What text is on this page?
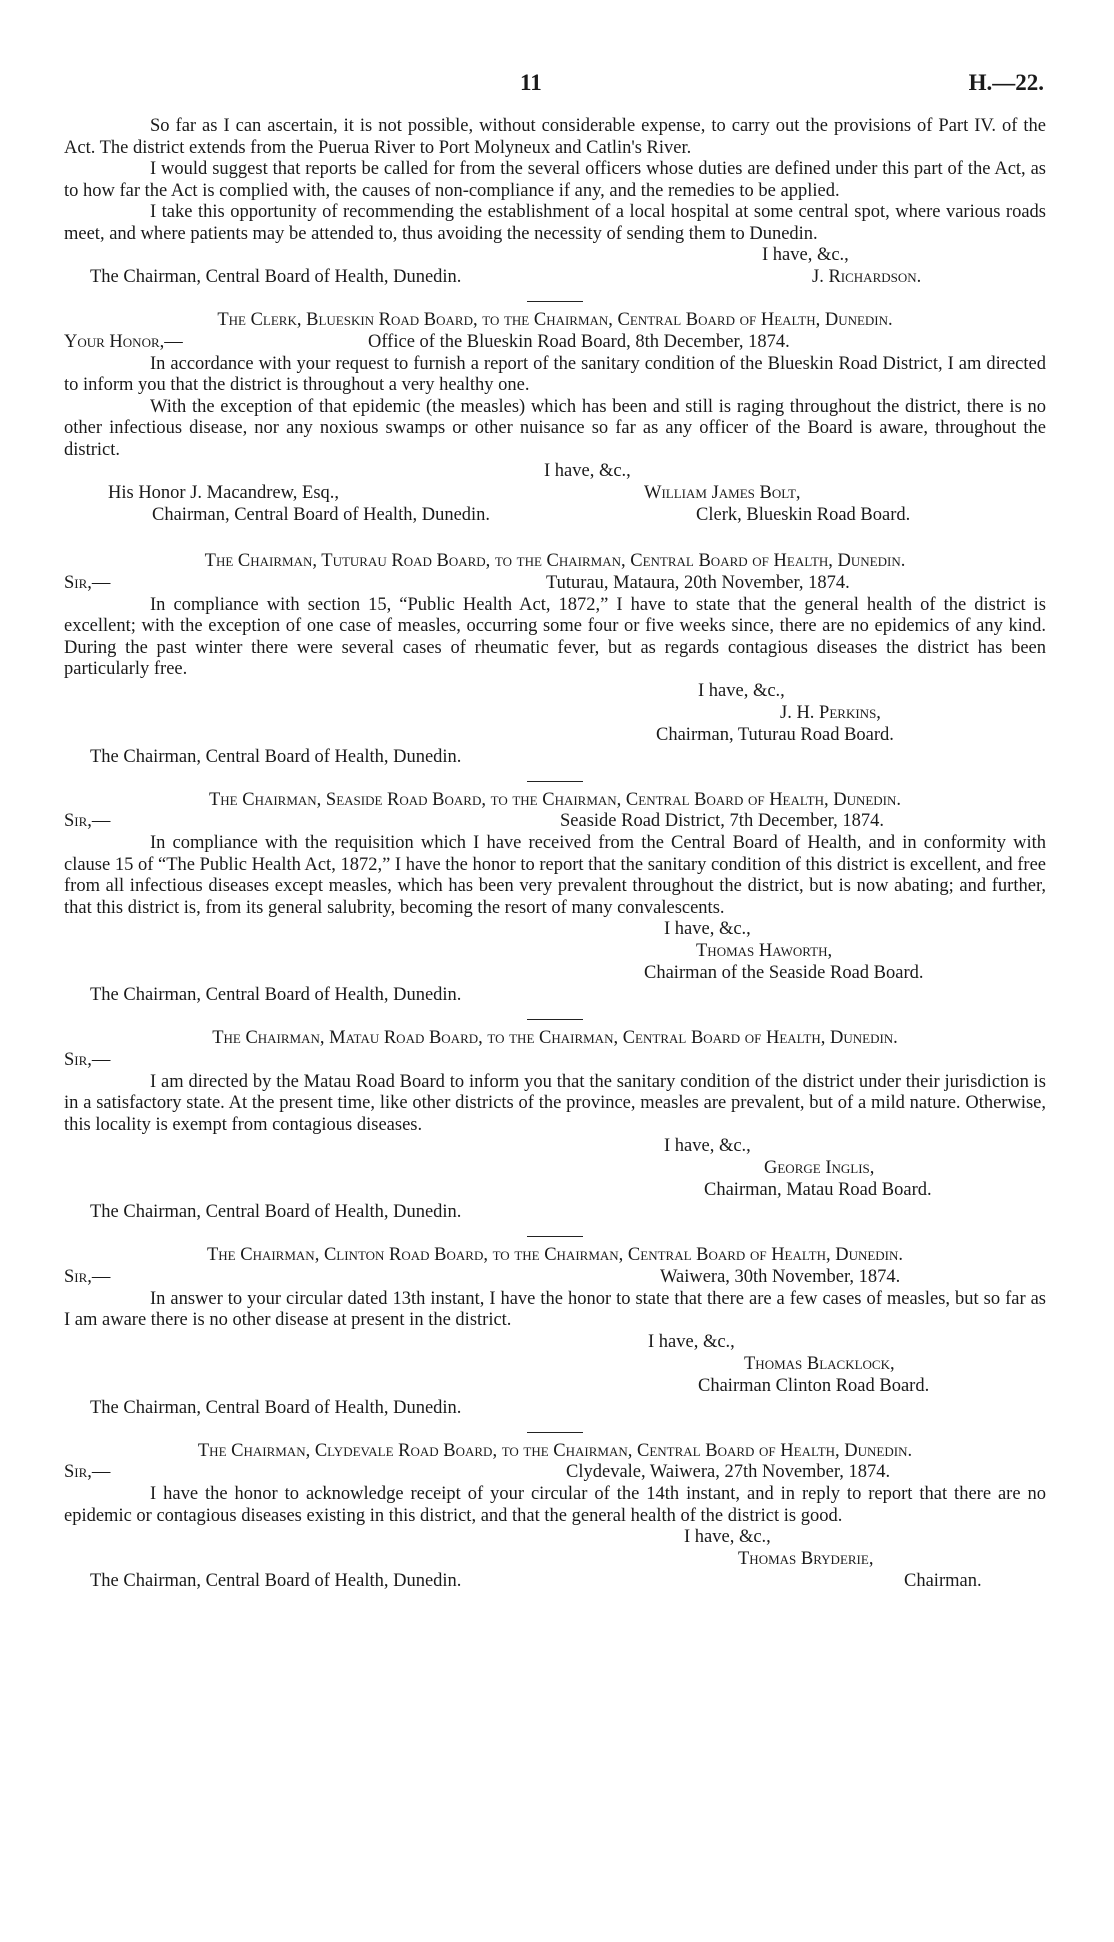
11	H.—22.

So far as I can ascertain, it is not possible, without considerable expense, to carry out the provisions of Part IV. of the Act. The district extends from the Puerua River to Port Molyneux and Catlin's River.

I would suggest that reports be called for from the several officers whose duties are defined under this part of the Act, as to how far the Act is complied with, the causes of non-compliance if any, and the remedies to be applied.

I take this opportunity of recommending the establishment of a local hospital at some central spot, where various roads meet, and where patients may be attended to, thus avoiding the necessity of sending them to Dunedin.

I have, &c.,
The Chairman, Central Board of Health, Dunedin.	J. Richardson.

The Clerk, Blueskin Road Board, to the Chairman, Central Board of Health, Dunedin.

Your Honor,—	Office of the Blueskin Road Board, 8th December, 1874.

In accordance with your request to furnish a report of the sanitary condition of the Blueskin Road District, I am directed to inform you that the district is throughout a very healthy one.

With the exception of that epidemic (the measles) which has been and still is raging throughout the district, there is no other infectious disease, nor any noxious swamps or other nuisance so far as any officer of the Board is aware, throughout the district.

I have, &c.,
His Honor J. Macandrew, Esq.,	William James Bolt,
Chairman, Central Board of Health, Dunedin.	Clerk, Blueskin Road Board.

The Chairman, Tuturau Road Board, to the Chairman, Central Board of Health, Dunedin.

Sir,—	Tuturau, Mataura, 20th November, 1874.

In compliance with section 15, “Public Health Act, 1872,” I have to state that the general health of the district is excellent; with the exception of one case of measles, occurring some four or five weeks since, there are no epidemics of any kind. During the past winter there were several cases of rheumatic fever, but as regards contagious diseases the district has been particularly free.

I have, &c.,
J. H. Perkins,
Chairman, Tuturau Road Board.
The Chairman, Central Board of Health, Dunedin.

The Chairman, Seaside Road Board, to the Chairman, Central Board of Health, Dunedin.

Sir,—	Seaside Road District, 7th December, 1874.

In compliance with the requisition which I have received from the Central Board of Health, and in conformity with clause 15 of “The Public Health Act, 1872,” I have the honor to report that the sanitary condition of this district is excellent, and free from all infectious diseases except measles, which has been very prevalent throughout the district, but is now abating; and further, that this district is, from its general salubrity, becoming the resort of many convalescents.

I have, &c.,
Thomas Haworth,
Chairman of the Seaside Road Board.
The Chairman, Central Board of Health, Dunedin.

The Chairman, Matau Road Board, to the Chairman, Central Board of Health, Dunedin.

Sir,—

I am directed by the Matau Road Board to inform you that the sanitary condition of the district under their jurisdiction is in a satisfactory state. At the present time, like other districts of the province, measles are prevalent, but of a mild nature. Otherwise, this locality is exempt from contagious diseases.

I have, &c.,
George Inglis,
Chairman, Matau Road Board.
The Chairman, Central Board of Health, Dunedin.

The Chairman, Clinton Road Board, to the Chairman, Central Board of Health, Dunedin.

Sir,—	Waiwera, 30th November, 1874.

In answer to your circular dated 13th instant, I have the honor to state that there are a few cases of measles, but so far as I am aware there is no other disease at present in the district.

I have, &c.,
Thomas Blacklock,
Chairman Clinton Road Board.
The Chairman, Central Board of Health, Dunedin.

The Chairman, Clydevale Road Board, to the Chairman, Central Board of Health, Dunedin.

Sir,—	Clydevale, Waiwera, 27th November, 1874.

I have the honor to acknowledge receipt of your circular of the 14th instant, and in reply to report that there are no epidemic or contagious diseases existing in this district, and that the general health of the district is good.

I have, &c.,
Thomas Bryderie,
The Chairman, Central Board of Health, Dunedin.	Chairman.
